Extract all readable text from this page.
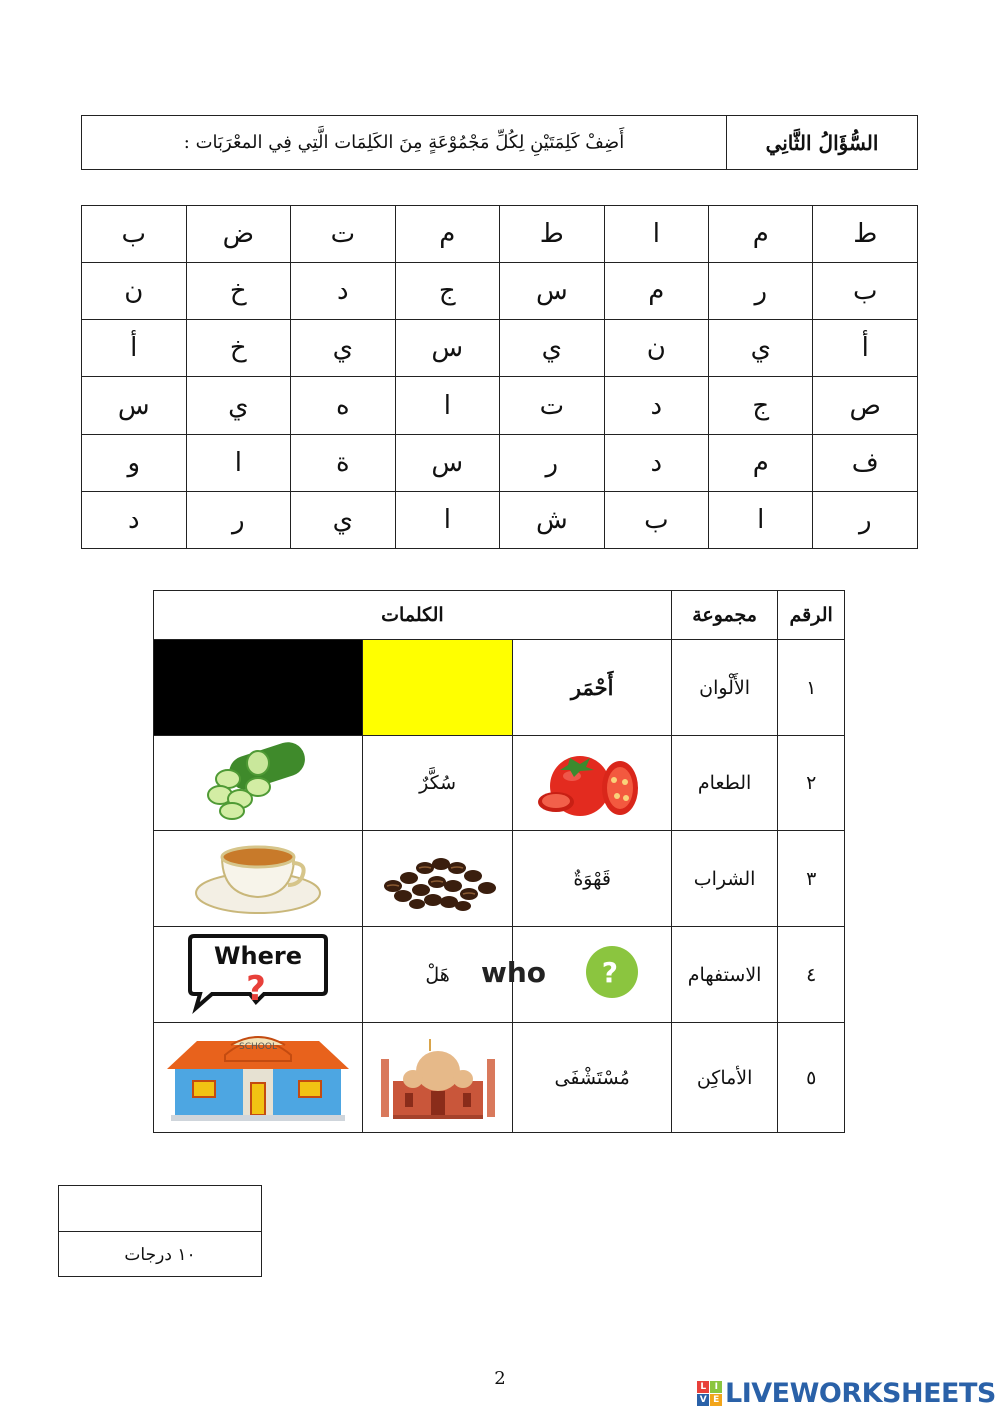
السُّؤَالُ الثَّانِي
أَضِفْ كَلِمَتَيْنِ لِكُلِّ مَجْمُوْعَةٍ مِنَ الكَلِمَات الَّتِي فِي المعْرَبَات :
ط	م	ا	ط	م	ت	ض	ب
ب	ر	م	س	ج	د	خ	ن
أ	ي	ن	ي	س	ي	خ	أ
ص	ج	د	ت	ا	ه	ي	س
ف	م	د	ر	س	ة	ا	و
ر	ا	ب	ش	ا	ي	ر	د
الرقم	مجموعة	الكلمات		
١	الأَلْوان	أَحْمَر		
٢	الطعام		سُكَّرٌ	
٣	الشراب	قَهْوَةٌ		
٤	الاستفهام	who ?	هَلْ	Where
?

٥	الأماكِن	مُسْتَشْفَى		SCHOOL
١٠ درجات
2	L I
V E LIVEWORKSHEETS
